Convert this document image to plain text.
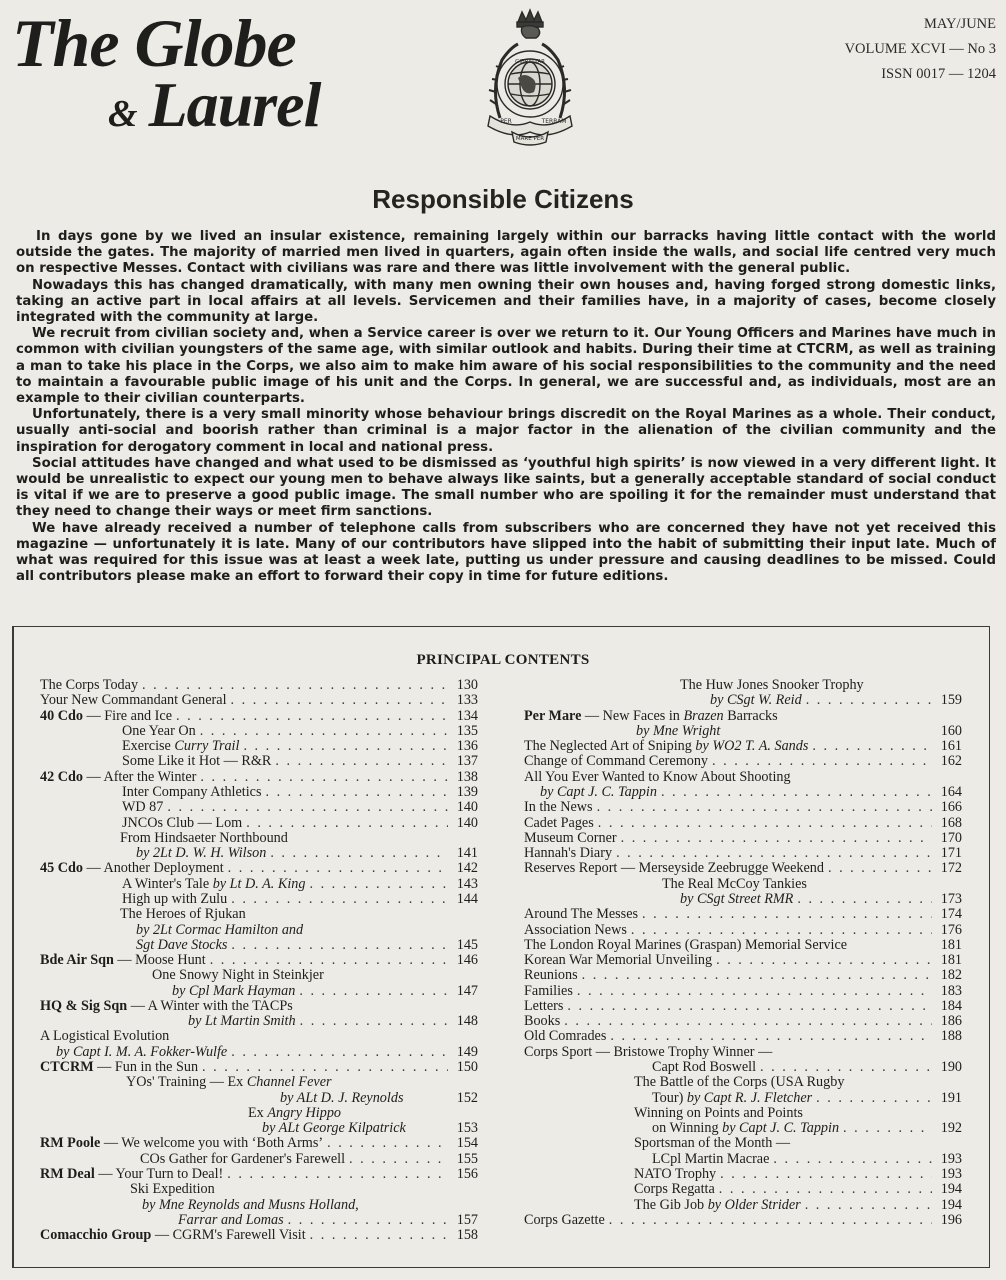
The Globe
& Laurel
GIBRALTAR
PER	TERRAM
MARE PER
MAY/JUNE
VOLUME XCVI — No 3
ISSN 0017 — 1204
Responsible Citizens

In days gone by we lived an insular existence, remaining largely within our barracks having little contact with the world outside the gates. The majority of married men lived in quarters, again often inside the walls, and social life centred very much on respective Messes. Contact with civilians was rare and there was little involvement with the general public.

Nowadays this has changed dramatically, with many men owning their own houses and, having forged strong domestic links, taking an active part in local affairs at all levels. Servicemen and their families have, in a majority of cases, become closely integrated with the community at large.

We recruit from civilian society and, when a Service career is over we return to it. Our Young Officers and Marines have much in common with civilian youngsters of the same age, with similar outlook and habits. During their time at CTCRM, as well as training a man to take his place in the Corps, we also aim to make him aware of his social responsibilities to the community and the need to maintain a favourable public image of his unit and the Corps. In general, we are successful and, as individuals, most are an example to their civilian counterparts.

Unfortunately, there is a very small minority whose behaviour brings discredit on the Royal Marines as a whole. Their conduct, usually anti-social and boorish rather than criminal is a major factor in the alienation of the civilian community and the inspiration for derogatory comment in local and national press.

Social attitudes have changed and what used to be dismissed as ‘youthful high spirits’ is now viewed in a very different light. It would be unrealistic to expect our young men to behave always like saints, but a generally acceptable standard of social conduct is vital if we are to preserve a good public image. The small number who are spoiling it for the remainder must understand that they need to change their ways or meet firm sanctions.

We have already received a number of telephone calls from subscribers who are concerned they have not yet received this magazine — unfortunately it is late. Many of our contributors have slipped into the habit of submitting their input late. Much of what was required for this issue was at least a week late, putting us under pressure and causing deadlines to be missed. Could all contributors please make an effort to forward their copy in time for future editions.

PRINCIPAL CONTENTS
The Corps Today . . .	130
Your New Commandant General . . .	133
40 Cdo — Fire and Ice . . .	134
One Year On . . .	135
Exercise Curry Trail . . .	136
Some Like it Hot — R&R . . .	137
42 Cdo — After the Winter . . .	138
Inter Company Athletics . . .	139
WD 87 . . .	140
JNCOs Club — Lom . . .	140
From Hindsaeter Northbound
by 2Lt D. W. H. Wilson . . .	141
45 Cdo — Another Deployment . . .	142
A Winter's Tale by Lt D. A. King . . .	143
High up with Zulu . . .	144
The Heroes of Rjukan
by 2Lt Cormac Hamilton and
Sgt Dave Stocks . . .	145
Bde Air Sqn — Moose Hunt . . .	146
One Snowy Night in Steinkjer
by Cpl Mark Hayman . . .	147
HQ & Sig Sqn — A Winter with the TACPs
by Lt Martin Smith . . .	148
A Logistical Evolution
by Capt I. M. A. Fokker-Wulfe . . .	149
CTCRM — Fun in the Sun . . .	150
YOs' Training — Ex Channel Fever
by ALt D. J. Reynolds	152
Ex Angry Hippo
by ALt George Kilpatrick	153
RM Poole — We welcome you with ‘Both Arms’ . . .	154
COs Gather for Gardener's Farewell . . .	155
RM Deal — Your Turn to Deal! . . .	156
Ski Expedition
by Mne Reynolds and Musns Holland,
Farrar and Lomas . . .	157
Comacchio Group — CGRM's Farewell Visit . . .	158
The Huw Jones Snooker Trophy
by CSgt W. Reid . . .	159
Per Mare — New Faces in Brazen Barracks
by Mne Wright	160
The Neglected Art of Sniping by WO2 T. A. Sands . . .	161
Change of Command Ceremony . . .	162
All You Ever Wanted to Know About Shooting
by Capt J. C. Tappin . . .	164
In the News . . .	166
Cadet Pages . . .	168
Museum Corner . . .	170
Hannah's Diary . . .	171
Reserves Report — Merseyside Zeebrugge Weekend . . .	172
The Real McCoy Tankies
by CSgt Street RMR . . .	173
Around The Messes . . .	174
Association News . . .	176
The London Royal Marines (Graspan) Memorial Service	181
Korean War Memorial Unveiling . . .	181
Reunions . . .	182
Families . . .	183
Letters . . .	184
Books . . .	186
Old Comrades . . .	188
Corps Sport — Bristowe Trophy Winner —
Capt Rod Boswell . . .	190
The Battle of the Corps (USA Rugby
Tour) by Capt R. J. Fletcher . . .	191
Winning on Points and Points
on Winning by Capt J. C. Tappin . . .	192
Sportsman of the Month —
LCpl Martin Macrae . . .	193
NATO Trophy . . .	193
Corps Regatta . . .	194
The Gib Job by Older Strider . . .	194
Corps Gazette . . .	196
